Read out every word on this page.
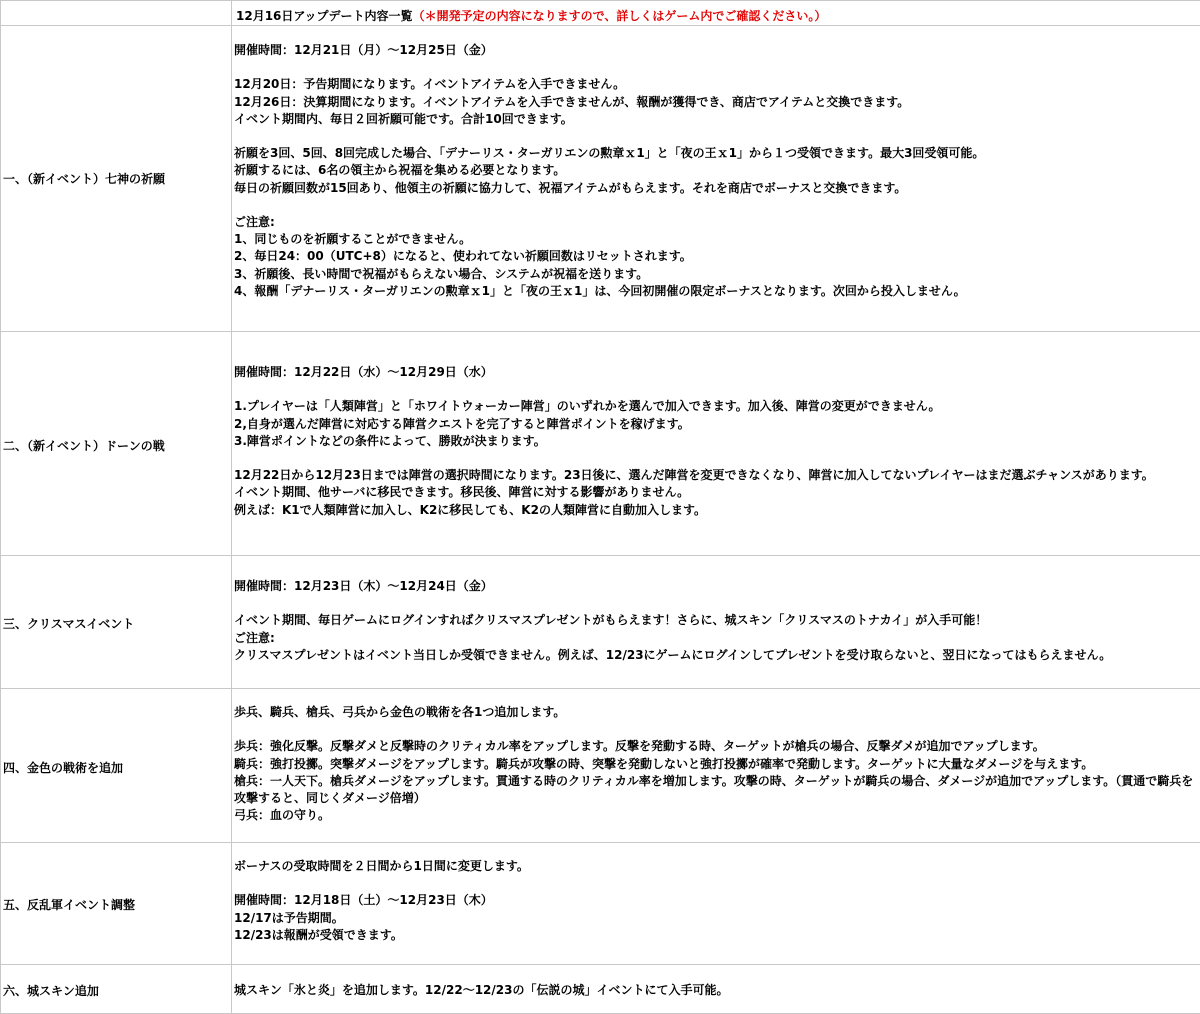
12月16日アップデート内容一覧（＊開発予定の内容になりますので、詳しくはゲーム内でご確認ください。）
一、（新イベント）七神の祈願
二、（新イベント）ドーンの戦
三、クリスマスイベント
四、金色の戦術を追加
五、反乱軍イベント調整
六、城スキン追加
開催時間：12月21日（月）～12月25日（金）
12月20日：予告期間になります。イベントアイテムを入手できません。
12月26日：決算期間になります。イベントアイテムを入手できませんが、報酬が獲得でき、商店でアイテムと交換できます。
イベント期間内、毎日２回祈願可能です。合計10回できます。
祈願を3回、5回、8回完成した場合、「デナーリス・ターガリエンの勲章ｘ1」と「夜の王ｘ1」から１つ受領できます。最大3回受領可能。
祈願するには、6名の領主から祝福を集める必要となります。
毎日の祈願回数が15回あり、他領主の祈願に協力して、祝福アイテムがもらえます。それを商店でボーナスと交換できます。
ご注意:
1、同じものを祈願することができません。
2、毎日24：00（UTC+8）になると、使われてない祈願回数はリセットされます。
3、祈願後、長い時間で祝福がもらえない場合、システムが祝福を送ります。
4、報酬「デナーリス・ターガリエンの勲章ｘ1」と「夜の王ｘ1」は、今回初開催の限定ボーナスとなります。次回から投入しません。
開催時間：12月22日（水）～12月29日（水）
1.プレイヤーは「人類陣営」と「ホワイトウォーカー陣営」のいずれかを選んで加入できます。加入後、陣営の変更ができません。
2,自身が選んだ陣営に対応する陣営クエストを完了すると陣営ポイントを稼げます。
3.陣営ポイントなどの条件によって、勝敗が決まります。
12月22日から12月23日までは陣営の選択時間になります。23日後に、選んだ陣営を変更できなくなり、陣営に加入してないプレイヤーはまだ選ぶチャンスがあります。
イベント期間、他サーバに移民できます。移民後、陣営に対する影響がありません。
例えば：K1で人類陣営に加入し、K2に移民しても、K2の人類陣営に自動加入します。
開催時間：12月23日（木）～12月24日（金）
イベント期間、毎日ゲームにログインすればクリスマスプレゼントがもらえます！さらに、城スキン「クリスマスのトナカイ」が入手可能！
ご注意:
クリスマスプレゼントはイベント当日しか受領できません。例えば、12/23にゲームにログインしてプレゼントを受け取らないと、翌日になってはもらえません。
歩兵、騎兵、槍兵、弓兵から金色の戦術を各1つ追加します。
歩兵：強化反撃。反撃ダメと反撃時のクリティカル率をアップします。反撃を発動する時、ターゲットが槍兵の場合、反撃ダメが追加でアップします。
騎兵：強打投擲。突撃ダメージをアップします。騎兵が攻撃の時、突撃を発動しないと強打投擲が確率で発動します。ターゲットに大量なダメージを与えます。
槍兵：一人天下。槍兵ダメージをアップします。貫通する時のクリティカル率を増加します。攻撃の時、ターゲットが騎兵の場合、ダメージが追加でアップします。（貫通で騎兵を攻撃すると、同じくダメージ倍増）
弓兵：血の守り。
ボーナスの受取時間を２日間から1日間に変更します。
開催時間：12月18日（土）～12月23日（木）
12/17は予告期間。
12/23は報酬が受領できます。
城スキン「氷と炎」を追加します。12/22～12/23の「伝説の城」イベントにて入手可能。
